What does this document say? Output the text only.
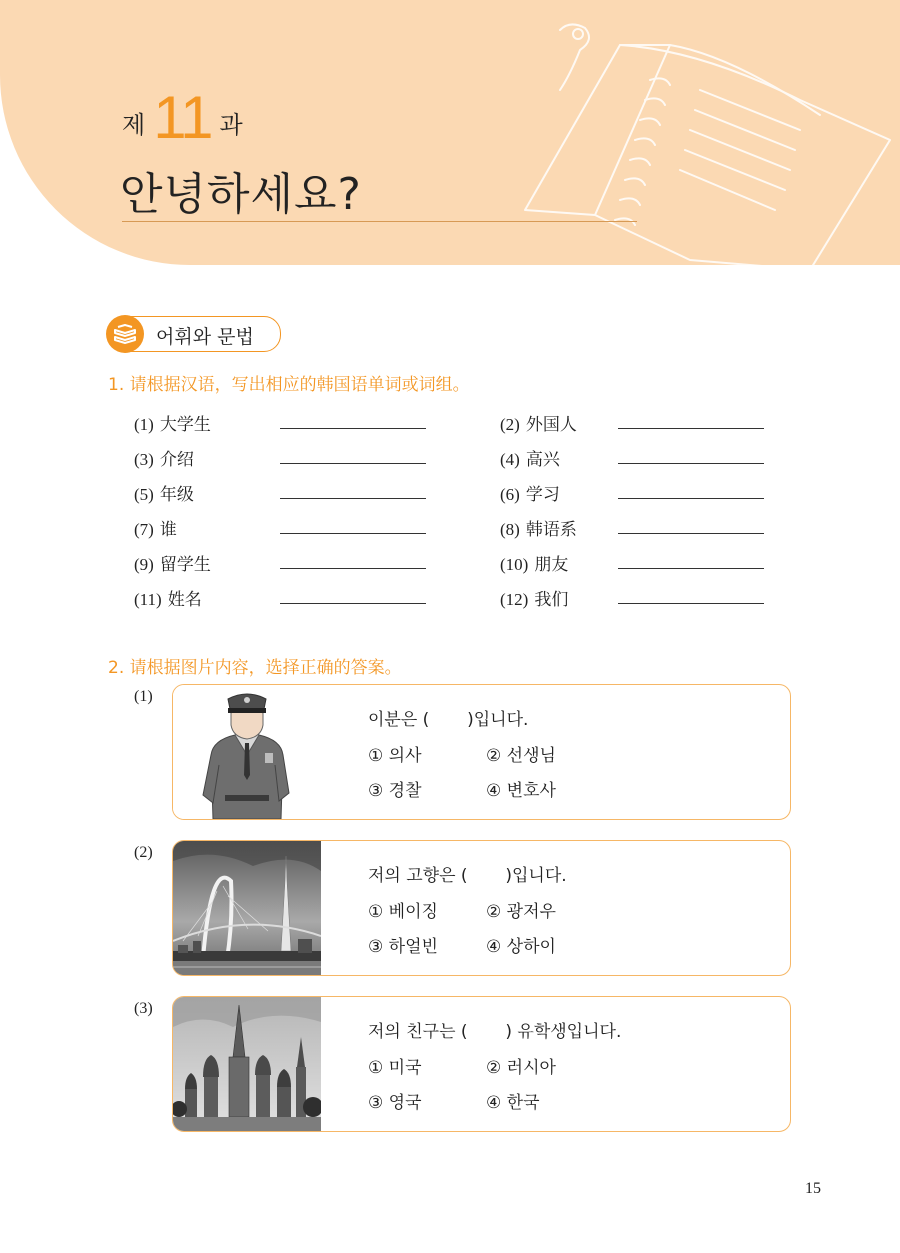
제 11 과
안녕하세요?
어휘와 문법
1. 请根据汉语，写出相应的韩国语单词或词组。
(1) 大学生	(2) 外国人
(3) 介绍	(4) 高兴
(5) 年级	(6) 学习
(7) 谁	(8) 韩语系
(9) 留学生	(10) 朋友
(11) 姓名	(12) 我们
2. 请根据图片内容，选择正确的答案。
(1)
이분은 (       )입니다.
① 의사	② 선생님
③ 경찰	④ 변호사
(2)
저의 고향은 (       )입니다.
① 베이징	② 광저우
③ 하얼빈	④ 상하이
(3)
저의 친구는 (       ) 유학생입니다.
① 미국	② 러시아
③ 영국	④ 한국
15
